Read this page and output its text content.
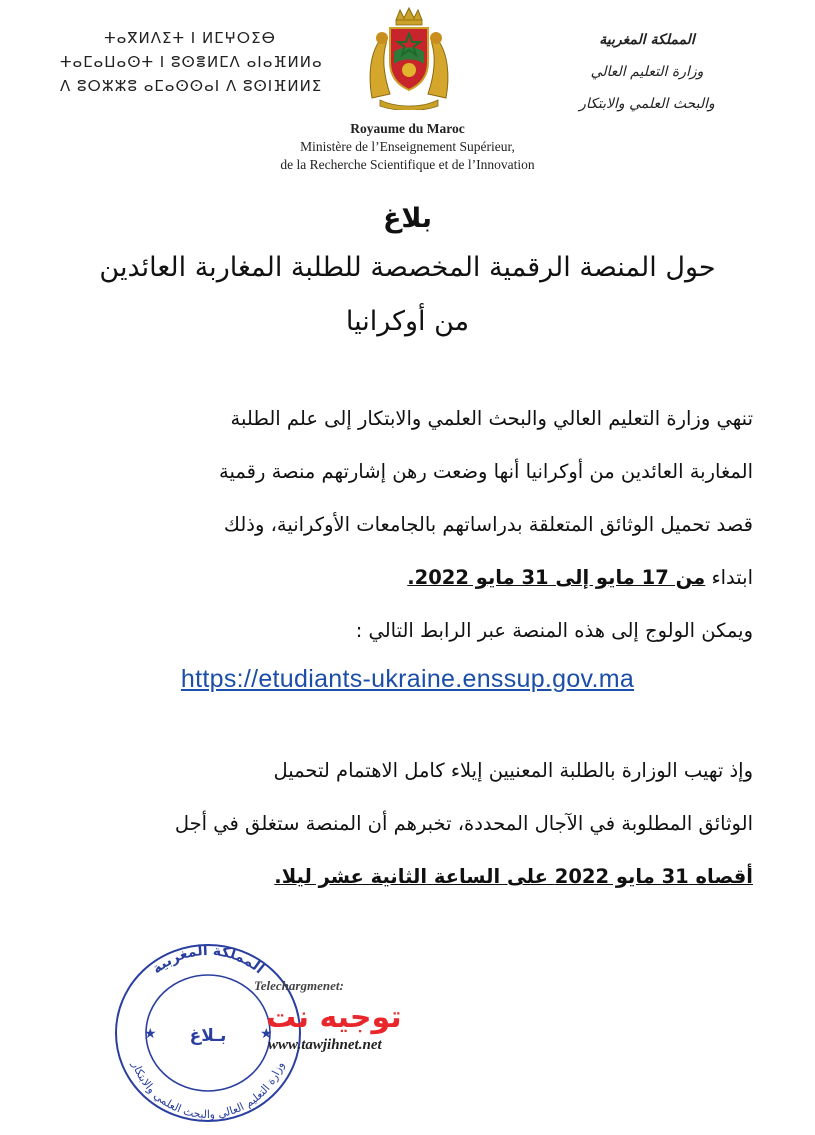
ⵜⴰⴳⵍⴷⵉⵜ ⵏ ⵍⵎⵖⵔⵉⴱ
ⵜⴰⵎⴰⵡⴰⵙⵜ ⵏ ⵓⵙⴻⵍⵎⴷ ⴰⵏⴰⴼⵍⵍⴰ
ⴷ ⵓⵔⵣⵣⵓ ⴰⵎⴰⵙⵙⴰⵏ ⴷ ⵓⵙⵏⴼⵍⵍⵉ
المملكة المغربية
وزارة التعليم العالي
والبحث العلمي والابتكار
Royaume du Maroc
Ministère de l’Enseignement Supérieur,
de la Recherche Scientifique et de l’Innovation
بلاغ
حول المنصة الرقمية المخصصة للطلبة المغاربة العائدين
من أوكرانيا
تنهي وزارة التعليم العالي والبحث العلمي والابتكار إلى علم الطلبة
المغاربة العائدين من أوكرانيا أنها وضعت رهن إشارتهم منصة رقمية
قصد تحميل الوثائق المتعلقة بدراساتهم بالجامعات الأوكرانية، وذلك
ابتداء من 17 مايو إلى 31 مايو 2022.
ويمكن الولوج إلى هذه المنصة عبر الرابط التالي :
https://etudiants-ukraine.enssup.gov.ma
وإذ تهيب الوزارة بالطلبة المعنيين إيلاء كامل الاهتمام لتحميل
الوثائق المطلوبة في الآجال المحددة، تخبرهم أن المنصة ستغلق في أجل
أقصاه 31 مايو 2022 على الساعة الثانية عشر ليلا.
المملكة المغربية
وزارة التعليم العالي والبحث العلمي والابتكار
بـلاغ
★	★
Telechargmenet:
توجيه نت
www.tawjihnet.net
